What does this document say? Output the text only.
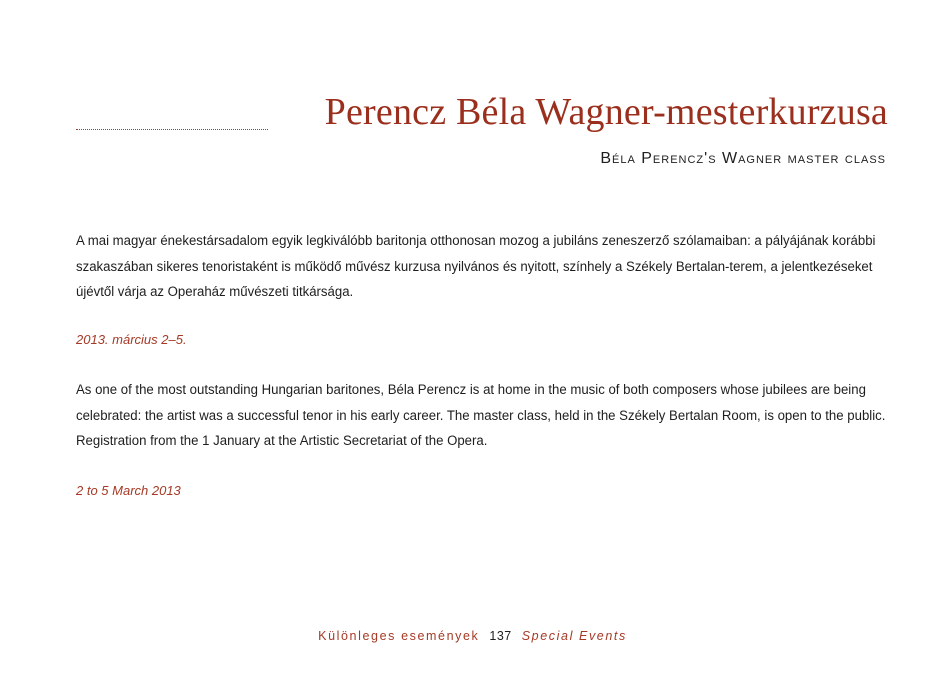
Perencz Béla Wagner-mesterkurzusa
Béla Perencz's Wagner master class

A mai magyar énekestársadalom egyik legkiválóbb baritonja otthonosan mozog a jubiláns zeneszerző szólamaiban: a pályájának korábbi szakaszában sikeres tenoristaként is működő művész kurzusa nyilvános és nyitott, színhely a Székely Bertalan-terem, a jelentkezéseket újévtől várja az Operaház művészeti titkársága.

2013. március 2–5.

As one of the most outstanding Hungarian baritones, Béla Perencz is at home in the music of both composers whose jubilees are being celebrated: the artist was a successful tenor in his early career. The master class, held in the Székely Bertalan Room, is open to the public. Registration from the 1 January at the Artistic Secretariat of the Opera.

2 to 5 March 2013
Különleges események 137 Special Events
